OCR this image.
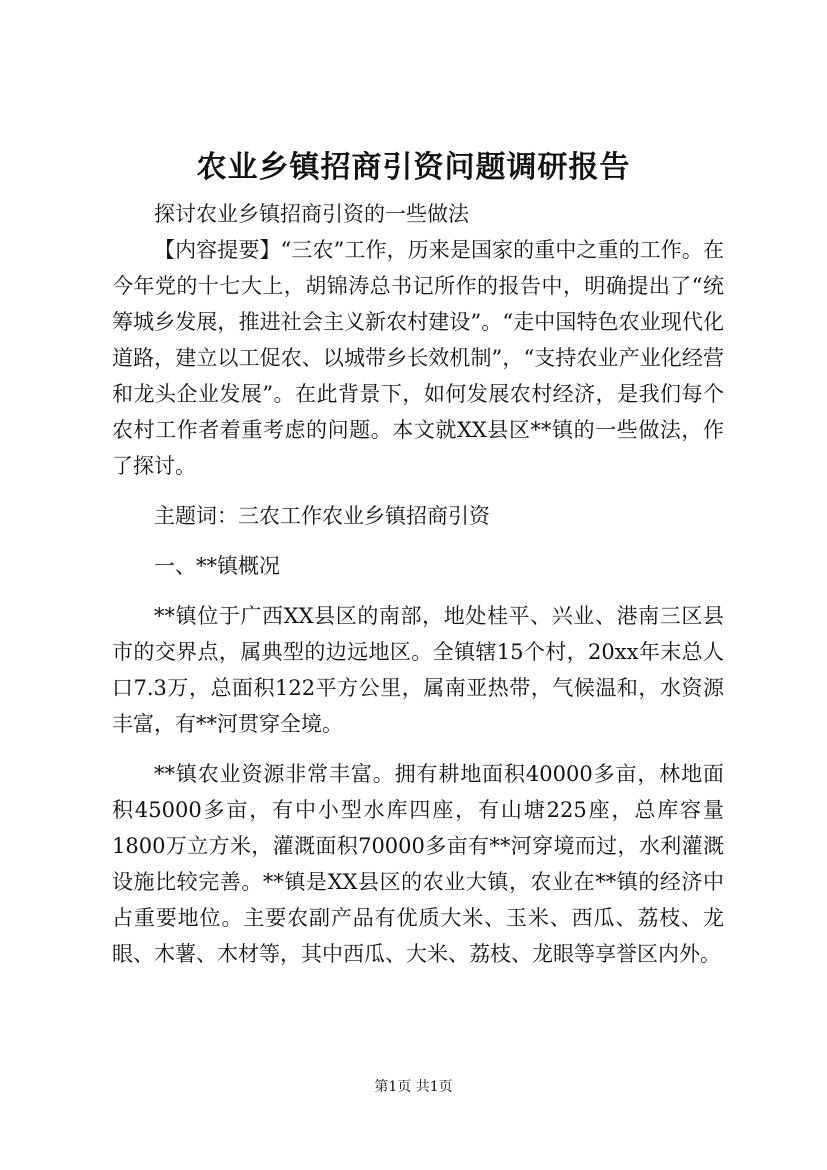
农业乡镇招商引资问题调研报告

探讨农业乡镇招商引资的一些做法

【内容提要】“三农”工作，历来是国家的重中之重的工作。在今年党的十七大上，胡锦涛总书记所作的报告中，明确提出了“统筹城乡发展，推进社会主义新农村建设”。“走中国特色农业现代化道路，建立以工促农、以城带乡长效机制”，“支持农业产业化经营和龙头企业发展”。在此背景下，如何发展农村经济，是我们每个农村工作者着重考虑的问题。本文就XX县区**镇的一些做法，作了探讨。

主题词：三农工作农业乡镇招商引资

一、**镇概况

**镇位于广西XX县区的南部，地处桂平、兴业、港南三区县市的交界点，属典型的边远地区。全镇辖15个村，20xx年末总人口7.3万，总面积122平方公里，属南亚热带，气候温和，水资源丰富，有**河贯穿全境。

**镇农业资源非常丰富。拥有耕地面积40000多亩，林地面积45000多亩，有中小型水库四座，有山塘225座，总库容量1800万立方米，灌溉面积70000多亩有**河穿境而过，水利灌溉设施比较完善。**镇是XX县区的农业大镇，农业在**镇的经济中占重要地位。主要农副产品有优质大米、玉米、西瓜、荔枝、龙眼、木薯、木材等，其中西瓜、大米、荔枝、龙眼等享誉区内外。

第1页 共1页
